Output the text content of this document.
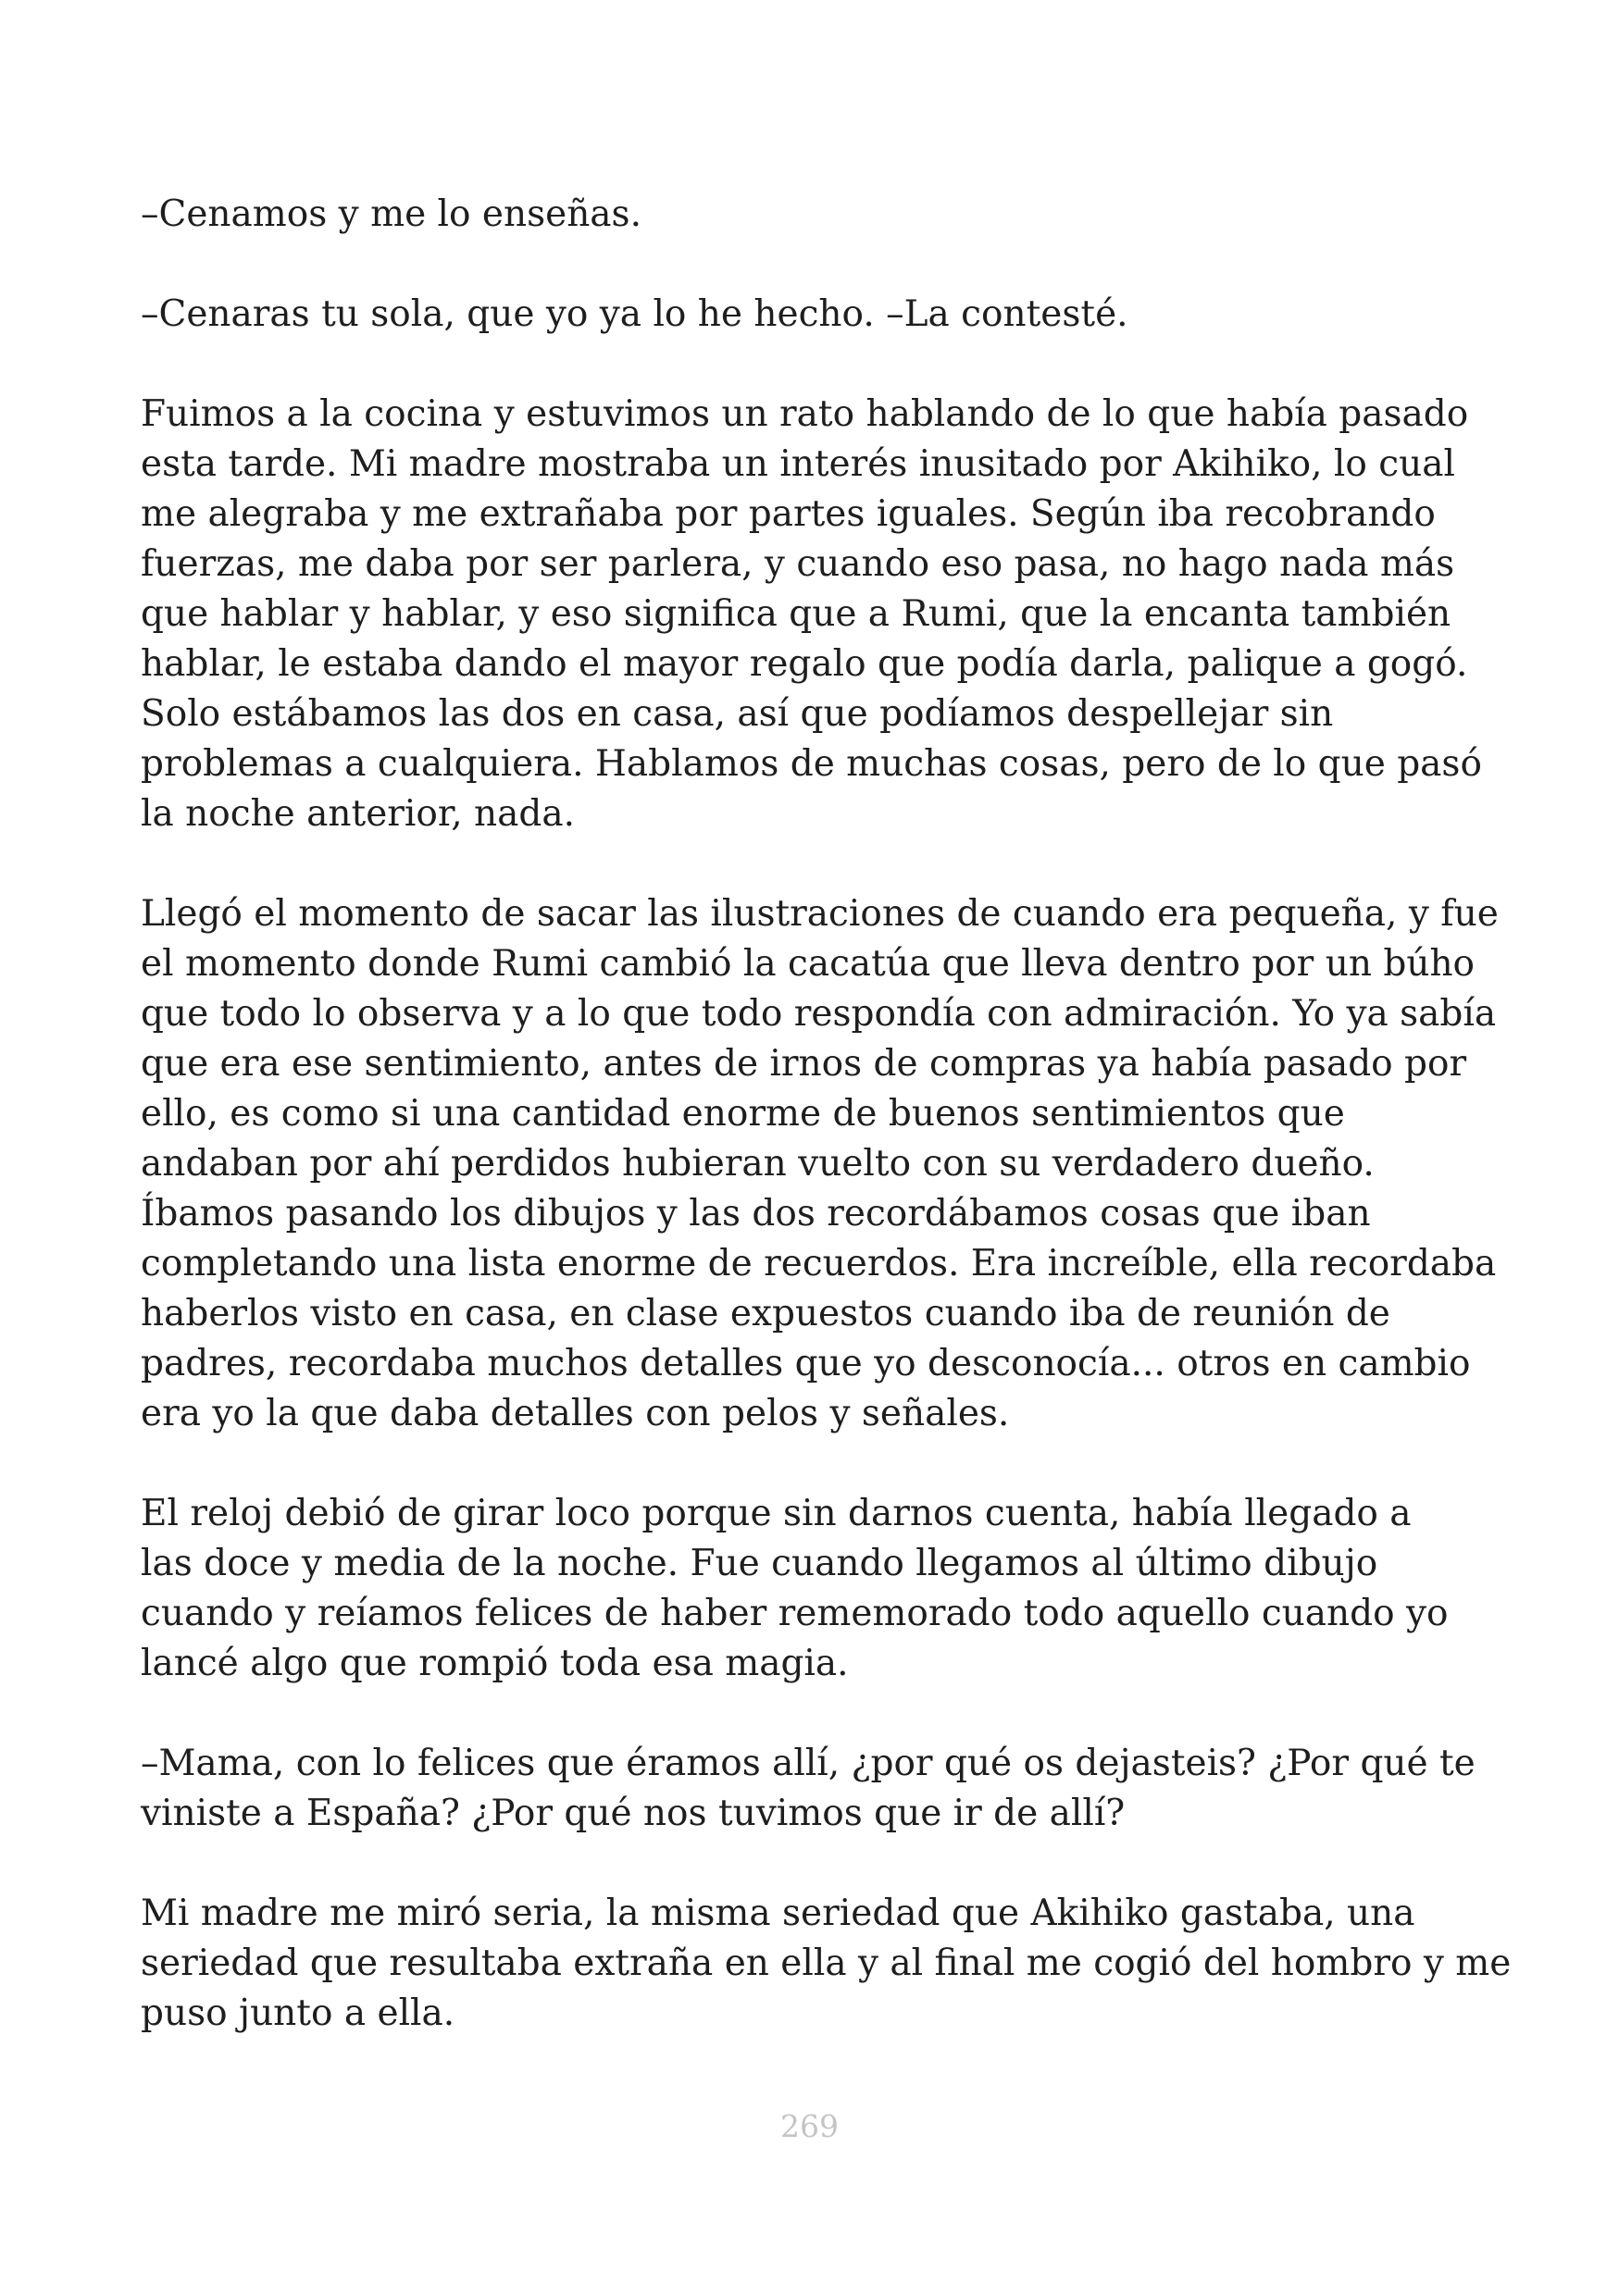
–Cenamos y me lo enseñas.
–Cenaras tu sola, que yo ya lo he hecho. –La contesté.
Fuimos a la cocina y estuvimos un rato hablando de lo que había pasado
esta tarde. Mi madre mostraba un interés inusitado por Akihiko, lo cual
me alegraba y me extrañaba por partes iguales. Según iba recobrando
fuerzas, me daba por ser parlera, y cuando eso pasa, no hago nada más
que hablar y hablar, y eso significa que a Rumi, que la encanta también
hablar, le estaba dando el mayor regalo que podía darla, palique a gogó.
Solo estábamos las dos en casa, así que podíamos despellejar sin
problemas a cualquiera. Hablamos de muchas cosas, pero de lo que pasó
la noche anterior, nada.
Llegó el momento de sacar las ilustraciones de cuando era pequeña, y fue
el momento donde Rumi cambió la cacatúa que lleva dentro por un búho
que todo lo observa y a lo que todo respondía con admiración. Yo ya sabía
que era ese sentimiento, antes de irnos de compras ya había pasado por
ello, es como si una cantidad enorme de buenos sentimientos que
andaban por ahí perdidos hubieran vuelto con su verdadero dueño.
Íbamos pasando los dibujos y las dos recordábamos cosas que iban
completando una lista enorme de recuerdos. Era increíble, ella recordaba
haberlos visto en casa, en clase expuestos cuando iba de reunión de
padres, recordaba muchos detalles que yo desconocía... otros en cambio
era yo la que daba detalles con pelos y señales.
El reloj debió de girar loco porque sin darnos cuenta, había llegado a
las doce y media de la noche. Fue cuando llegamos al último dibujo
cuando y reíamos felices de haber rememorado todo aquello cuando yo
lancé algo que rompió toda esa magia.
–Mama, con lo felices que éramos allí, ¿por qué os dejasteis? ¿Por qué te
viniste a España? ¿Por qué nos tuvimos que ir de allí?
Mi madre me miró seria, la misma seriedad que Akihiko gastaba, una
seriedad que resultaba extraña en ella y al final me cogió del hombro y me
puso junto a ella.
269
